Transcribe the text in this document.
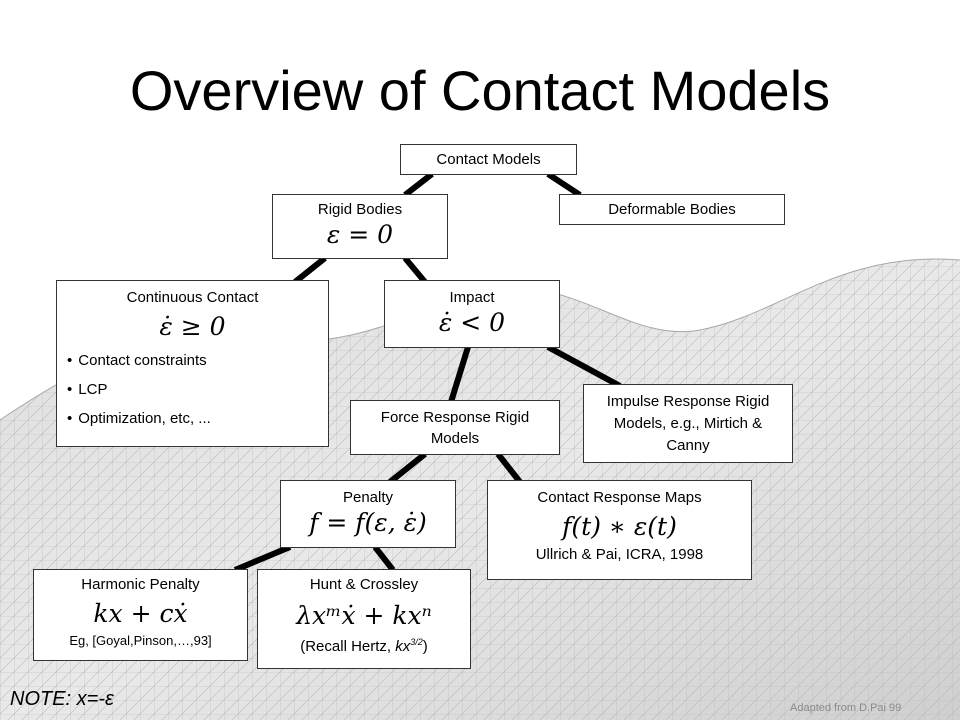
Overview of Contact Models
Contact Models
Rigid Bodies
ε = 0
Deformable Bodies
Continuous Contact
ε̇ ≥ 0
• Contact constraints
• LCP
• Optimization, etc, ...
Impact
ε̇ < 0
Impulse Response Rigid Models, e.g., Mirtich & Canny
Force Response Rigid Models
Penalty
f = f(ε, ε̇)
Contact Response Maps
f(t) ∗ ε(t)
Ullrich & Pai, ICRA, 1998
Harmonic Penalty
kx + cẋ
Eg, [Goyal,Pinson,…,93]
Hunt & Crossley
λxᵐẋ + kxⁿ
(Recall Hertz, $kx^{3/2}$)
NOTE: x=-ε	Adapted from D.Pai 99
